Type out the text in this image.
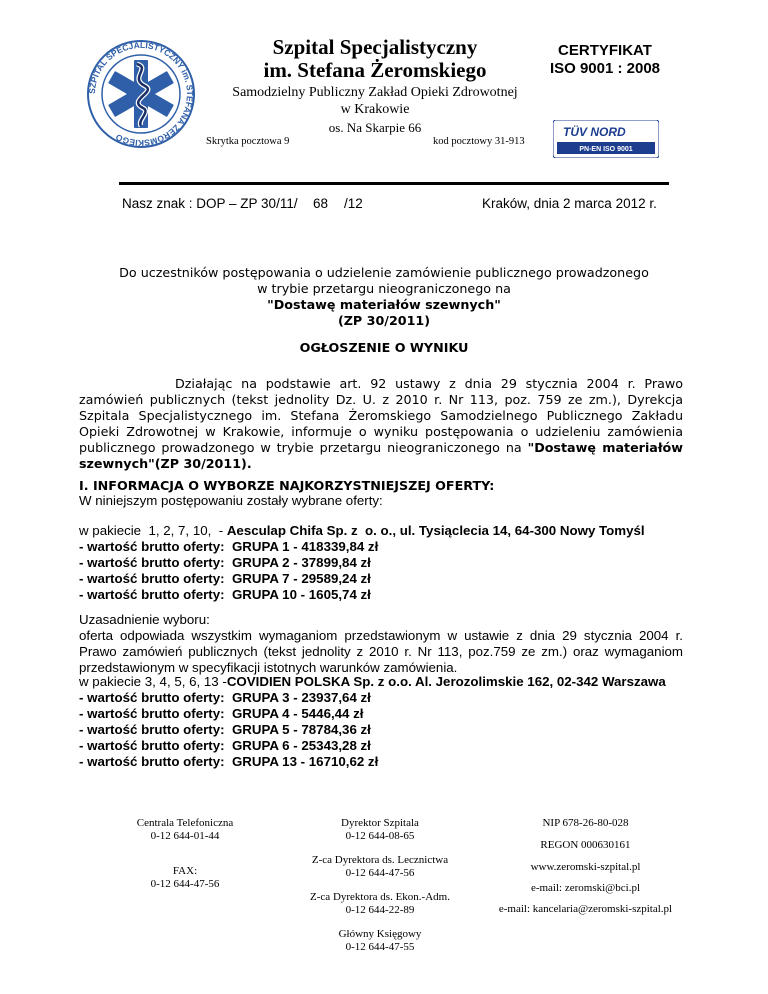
SZPITAL SPECJALISTYCZNY im. STEFANA ŻEROMSKIEGO
Szpital Specjalistyczny
im. Stefana Żeromskiego
Samodzielny Publiczny Zakład Opieki Zdrowotnej
w Krakowie
os. Na Skarpie 66
Skrytka pocztowa 9	kod pocztowy 31-913
CERTYFIKAT
ISO 9001 : 2008
TÜV NORD
PN-EN ISO 9001
Nasz znak : DOP – ZP 30/11/ 68 /12	Kraków, dnia 2 marca 2012 r.
Do uczestników postępowania o udzielenie zamówienie publicznego prowadzonego
w trybie przetargu nieograniczonego na
"Dostawę materiałów szewnych"
(ZP 30/2011)
OGŁOSZENIE O WYNIKU
Działając na podstawie art. 92 ustawy z dnia 29 stycznia 2004 r. Prawo zamówień publicznych (tekst jednolity Dz. U. z 2010 r. Nr 113, poz. 759 ze zm.), Dyrekcja Szpitala Specjalistycznego im. Stefana Żeromskiego Samodzielnego Publicznego Zakładu Opieki Zdrowotnej w Krakowie, informuje o wyniku postępowania o udzieleniu zamówienia publicznego prowadzonego w trybie przetargu nieograniczonego na "Dostawę materiałów szewnych"(ZP 30/2011).
I. INFORMACJA O WYBORZE NAJKORZYSTNIEJSZEJ OFERTY:
W niniejszym postępowaniu zostały wybrane oferty:
w pakiecie  1, 2, 7, 10,  - Aesculap Chifa Sp. z  o. o., ul. Tysiąclecia 14, 64-300 Nowy Tomyśl
- wartość brutto oferty: GRUPA 1 - 418339,84 zł
- wartość brutto oferty: GRUPA 2 - 37899,84 zł
- wartość brutto oferty: GRUPA 7 - 29589,24 zł
- wartość brutto oferty: GRUPA 10 - 1605,74 zł
Uzasadnienie wyboru:
oferta odpowiada wszystkim wymaganiom przedstawionym w ustawie z dnia 29 stycznia 2004 r. Prawo zamówień publicznych (tekst jednolity z 2010 r. Nr 113, poz.759 ze zm.) oraz wymaganiom przedstawionym w specyfikacji istotnych warunków zamówienia.
w pakiecie 3, 4, 5, 6, 13 -COVIDIEN POLSKA Sp. z o.o. Al. Jerozolimskie 162, 02-342 Warszawa
- wartość brutto oferty: GRUPA 3 - 23937,64 zł
- wartość brutto oferty: GRUPA 4 - 5446,44 zł
- wartość brutto oferty: GRUPA 5 - 78784,36 zł
- wartość brutto oferty: GRUPA 6 - 25343,28 zł
- wartość brutto oferty: GRUPA 13 - 16710,62 zł
Centrala Telefoniczna
0-12 644-01-44
FAX:
0-12 644-47-56
Dyrektor Szpitala
0-12 644-08-65
Z-ca Dyrektora ds. Lecznictwa
0-12 644-47-56
Z-ca Dyrektora ds. Ekon.-Adm.
0-12 644-22-89
Główny Księgowy
0-12 644-47-55
NIP 678-26-80-028
REGON 000630161
www.zeromski-szpital.pl
e-mail: zeromski@bci.pl
e-mail: kancelaria@zeromski-szpital.pl
